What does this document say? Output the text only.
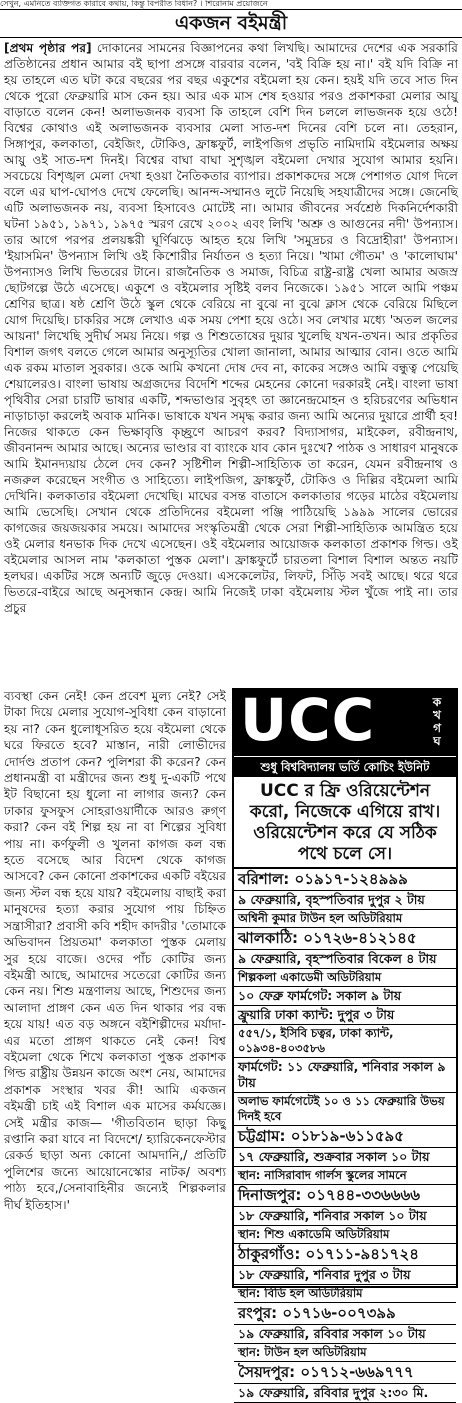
সেখুন, এমনিতে ব্যক্তিগত কারাবে কথায়, কিন্তু বিপরীত বিধান? । শিরোনাম প্রয়োজনে
একজন বইমন্ত্রী

[প্রথম পৃষ্ঠার পর] দোকানের সামনের বিজ্ঞাপনের কথা লিখছি। আমাদের দেশের এক সরকারি প্রতিষ্ঠানের প্রধান আমার বই ছাপা প্রসঙ্গে বারবার বলেন, 'বই বিক্রি হয় না।' বই যদি বিক্রি না হয় তাহলে এত ঘটা করে বছরের পর বছর একুশের বইমেলা হয় কেন। হয়ই যদি তবে সাত দিন থেকে পুরো ফেব্রুয়ারি মাস কেন হয়। আর এক মাস শেষ হওয়ার পরও প্রকাশকরা মেলার আয়ু বাড়াতে বলেন কেন! অলাভজনক ব্যবসা কি তাহলে বেশি দিন চললে লাভজনক হয়ে ওঠে! বিশ্বের কোথাও এই অলাভজনক ব্যবসার মেলা সাত-দশ দিনের বেশি চলে না। তেহরান, সিঙ্গাপুর, কলকাতা, বেইজিং, টোকিও, ফ্রাঙ্কফুর্ট, লাইপজিগ প্রভৃতি নামিদামি বইমেলার অক্ষয় আয়ু ওই সাত-দশ দিনই। বিশ্বের বাঘা বাঘা সুশৃঙ্খল বইমেলা দেখার সুযোগ আমার হয়নি। সবচেয়ে বিশৃঙ্খল মেলা দেখা হওয়া নৈতিকতার ব্যাপার। প্রকাশকদের সঙ্গে পেশাগত যোগ দিলে বলে এর ঘাপ-ঘোপও দেখে ফেলেছি। আনন্দ-সম্মানও লুটে নিয়েছি সহযাত্রীদের সঙ্গে। জেনেছি এটি অলাভজনক নয়, ব্যবসা হিসাবেও মোটেই না। আমার জীবনের সর্বশ্রেষ্ঠ দিকনির্দেশকারী ঘটনা ১৯৫১, ১৯৭১, ১৯৭৫ স্মরণ রেখে ২০০২ এবং লিখি 'অশ্রু ও আগুনের নদী' উপন্যাস। তার আগে পরপর প্রলয়ঙ্করী ঘূর্ণিঝড়ে আহত হয়ে লিখি 'সমুদ্রচর ও বিদ্রোহীরা' উপন্যাস। 'ইয়াসমিন' উপন্যাস লিখি ওই কিশোরীর নির্যাতন ও হত্যা নিয়ে। 'খামা গৌতম' ও 'কালোঘাম' উপন্যাসও লিখি ভিতরের টানে। রাজনৈতিক ও সমাজ, বিচিত্র রাষ্ট্র-রাষ্ট্র খেলা আমার অজস্র ছোটগল্পে উঠে এসেছে। একুশে ও বইমেলার সৃষ্টিই বলব নিজেকে। ১৯৫১ সালে আমি পঞ্চম শ্রেণির ছাত্র। ষষ্ঠ শ্রেণি উঠে স্কুল থেকে বেরিয়ে না বুঝে না বুঝে ক্লাস থেকে বেরিয়ে মিছিলে যোগ দিয়েছি। চাকরির সঙ্গে লেখাও এক সময় পেশা হয়ে ওঠে। সব লেখার মধ্যে 'অতল জলের আয়না' লিখেছি সুদীর্ঘ সময় নিয়ে। গল্প ও শিশুতোষের দুয়ার খুলেছি যখন-তখন। আর প্রকৃতির বিশাল জগৎ বলতে গেলে আমার অনুস্যূতির খোলা জানালা, আমার আত্মার বোন। ওতে আমি এক রকম মাতাল সুরকার। ওকে আমি কখনো দোষ দেব না, কাকের সঙ্গেও আমি বন্ধুত্ব পেয়েছি শেয়ালেরও। বাংলা ভাষায় অগ্রজদের বিদেশি শব্দের মেহনের কোনো দরকারই নেই। বাংলা ভাষা পৃথিবীর সেরা চারটি ভাষার একটি, শব্দভাণ্ডার সুবৃহৎ তা জ্ঞানেন্দ্রমোহন ও হরিচরণের অভিধান নাড়াচাড়া করলেই অবাক মানিক। ভাষাকে যখন সমৃদ্ধ করার জন্য আমি অন্যের দুয়ারে প্রার্থী হব! নিজের থাকতে কেন ভিক্ষাবৃত্তি কৃচ্ছ্রণে আচরণ করব? বিদ্যাসাগর, মাইকেল, রবীন্দ্রনাথ, জীবনানন্দ আমার আছে। অন্যের ভাণ্ডার বা ব্যাংকে যাব কোন দুঃখে? পাঠক ও সাধারণ মানুষকে আমি ইমানদ্যয়ায় ঠেলে দেব কেন? সৃষ্টিশীল শিল্পী-সাহিত্যিক তা করেন, যেমন রবীন্দ্রনাথ ও নজরুল করেছেন সংগীত ও সাহিত্যে। লাইপজিগ, ফ্রাঙ্কফুর্ট, টোকিও ও দিল্লির বইমেলা আমি দেখিনি। কলকাতার বইমেলা দেখেছি। মাঘের বসন্ত বাতাসে কলকাতার গড়ের মাঠের বইমেলায় আমি ভেসেছি। সেখান থেকে প্রতিদিনের বইমেলা পঞ্জি পাঠিয়েছি ১৯৯৯ সালের ভোরের কাগজের জয়জয়কার সময়ে। আমাদের সংস্কৃতিমন্ত্রী থেকে সেরা শিল্পী-সাহিত্যিক আমন্ত্রিত হয়ে ওই মেলার ধনভাক দিক দেখে এসেছেন। ওই বইমেলার আয়োজক কলকাতা প্রকাশক গিল্ড। ওই বইমেলার আসল নাম 'কলকাতা পুস্তক মেলা'। ফ্রাঙ্কফুর্টে চারতলা বিশাল বিশাল অন্তত নয়টি হলঘর। একটির সঙ্গে অন্যটি জুড়ে দেওয়া। এসকেলেটর, লিফট, সিঁড়ি সবই আছে। থরে থরে ভিতরে-বাইরে আছে অনুসন্ধান কেন্দ্র। আমি নিজেই ঢাকা বইমেলায় স্টল খুঁজে পাই না। তার প্রচুর

ব্যবস্থা কেন নেই! কেন প্রবেশ মুল্য নেই? সেই টাকা দিয়ে মেলার সুযোগ-সুবিধা কেন বাড়ানো হয় না? কেন ধুলোধূসরিত হয়ে বইমেলা থেকে ঘরে ফিরতে হবে? মাস্তান, নারী লোভীদের দোর্দণ্ড প্রতাপ কেন? পুলিশরা কী করেন? কেন প্রধানমন্ত্রী বা মন্ত্রীদের জন্য শুধু দু-একটি পথে ইট বিছানো হয় ধুলো না লাগার জন্য? কেন ঢাকার ফুসফুস সোহরাওয়ার্দীকে আরও রুগ্ণ করা? কেন বই শিল্প হয় না বা শিল্পের সুবিধা পায় না। কর্ণফুলী ও খুলনা কাগজ কল বন্ধ হতে বসেছে আর বিদেশ থেকে কাগজ আসবে? কেন কোনো প্রকাশকের একটি বইয়ের জন্য স্টল বন্ধ হয়ে যায়? বইমেলায় বাছাই করা মানুষদের হত্যা করার সুযোগ পায় চিহ্নিত সন্ত্রাসীরা? প্রবাসী কবি শহীদ কাদরীর 'তোমাকে অভিবাদন প্রিয়তমা' কলকাতা পুস্তক মেলায় সুর হয়ে বাজে। ওদের পাঁচ কোটির জন্য বইমন্ত্রী আছে, আমাদের সতেরো কোটির জন্য কেন নয়। শিশু মন্ত্রণালয় আছে, শিশুদের জন্য আলাদা প্রাঙ্গণ কেন এত দিন থাকার পর বন্ধ হয়ে যায়! এত বড় অঙ্গনে বইশিল্পীদের মর্যাদা-এর মতো প্রাঙ্গণ থাকতে নেই কেন! বিশ্ব বইমেলা থেকে শিখে কলকাতা পুস্তক প্রকাশক গিল্ড রাষ্ট্রীয় উন্নয়ন কাজে অংশ নেয়, আমাদের প্রকাশক সংস্থার খবর কী! আমি একজন বইমন্ত্রী চাই এই বিশাল এক মাসের কর্মযজ্ঞে। সেই মন্ত্রীর কাজ— 'গীতবিতান ছাড়া কিছু রপ্তানি করা যাবে না বিদেশে/ হ্যারিকেনফেস্টার রেকর্ড ছাড়া অন্য কোনো আমদানি,/ প্রতিটি পুলিশের জন্যে আয়োনেস্কোর নাটক/ অবশ্য পাঠ্য হবে,/সেনাবাহিনীর জন্যেই শিল্পকলার দীর্ঘ ইতিহাস।'

UCC	ক
খ
গ
ঘ
শুধু বিশ্ববিদ্যালয় ভর্তি কোচিং ইউনিট
UCC র ফ্রি ওরিয়েন্টেশন করো, নিজেকে এগিয়ে রাখ। ওরিয়েন্টেশন করে যে সঠিক পথে চলে সে।
বরিশাল: ০১৯১৭-১২৪৯৯৯
৯ ফেব্রুয়ারি, বৃহস্পতিবার দুপুর ২ টায়
অশ্বিনী কুমার টাউন হল অডিটরিয়াম
ঝালকাঠি: ০১৭২৬-৪১২১৪৫
৯ ফেব্রুয়ারি, বৃহস্পতিবার বিকেল ৪ টায়
শিল্পকলা একাডেমী অডিটরিয়াম
১০ ফেব্রু ফার্মগেট: সকাল ৯ টায়
ফ্রুয়ারি ঢাকা ক্যান্ট: দুপুর ৩ টায়
৫৫৭/১, ইসিবি চত্বর, ঢাকা ক্যান্ট, ০১৯৩৪-৪০৩৫৮৬
ফার্মগেট: ১১ ফেব্রুয়ারি, শনিবার সকাল ৯ টায়
অলাভ ফার্মগেটেই ১০ ও ১১ ফেব্রুয়ারি উভয় দিনই হবে
চট্টগ্রাম: ০১৮১৯-৬১১৫৯৫
১৭ ফেব্রুয়ারি, শুক্রবার সকাল ১০ টায়
স্থান: নাসিরাবাদ গার্লস স্কুলের সামনে
দিনাজপুর: ০১৭৪৪-৩৩৬৬৬৬
১৮ ফেব্রুয়ারি, শনিবার সকাল ১০ টায়
স্থান: শিশু একাডেমি অডিটরিয়াম
ঠাকুরগাঁও: ০১৭১১-৯৪১৭২৪
১৮ ফেব্রুয়ারি, শনিবার দুপুর ৩ টায়
স্থান: বিডি হল অডিটরিয়াম
রংপুর: ০১৭১৬-০০৭৩৯৯
১৯ ফেব্রুয়ারি, রবিবার সকাল ১০ টায়
স্থান: টাউন হল অডিটরিয়াম
সৈয়দপুর: ০১৭১২-৬৬৯৭৭৭
১৯ ফেব্রুয়ারি, রবিবার দুপুর ২:৩০ মি.
